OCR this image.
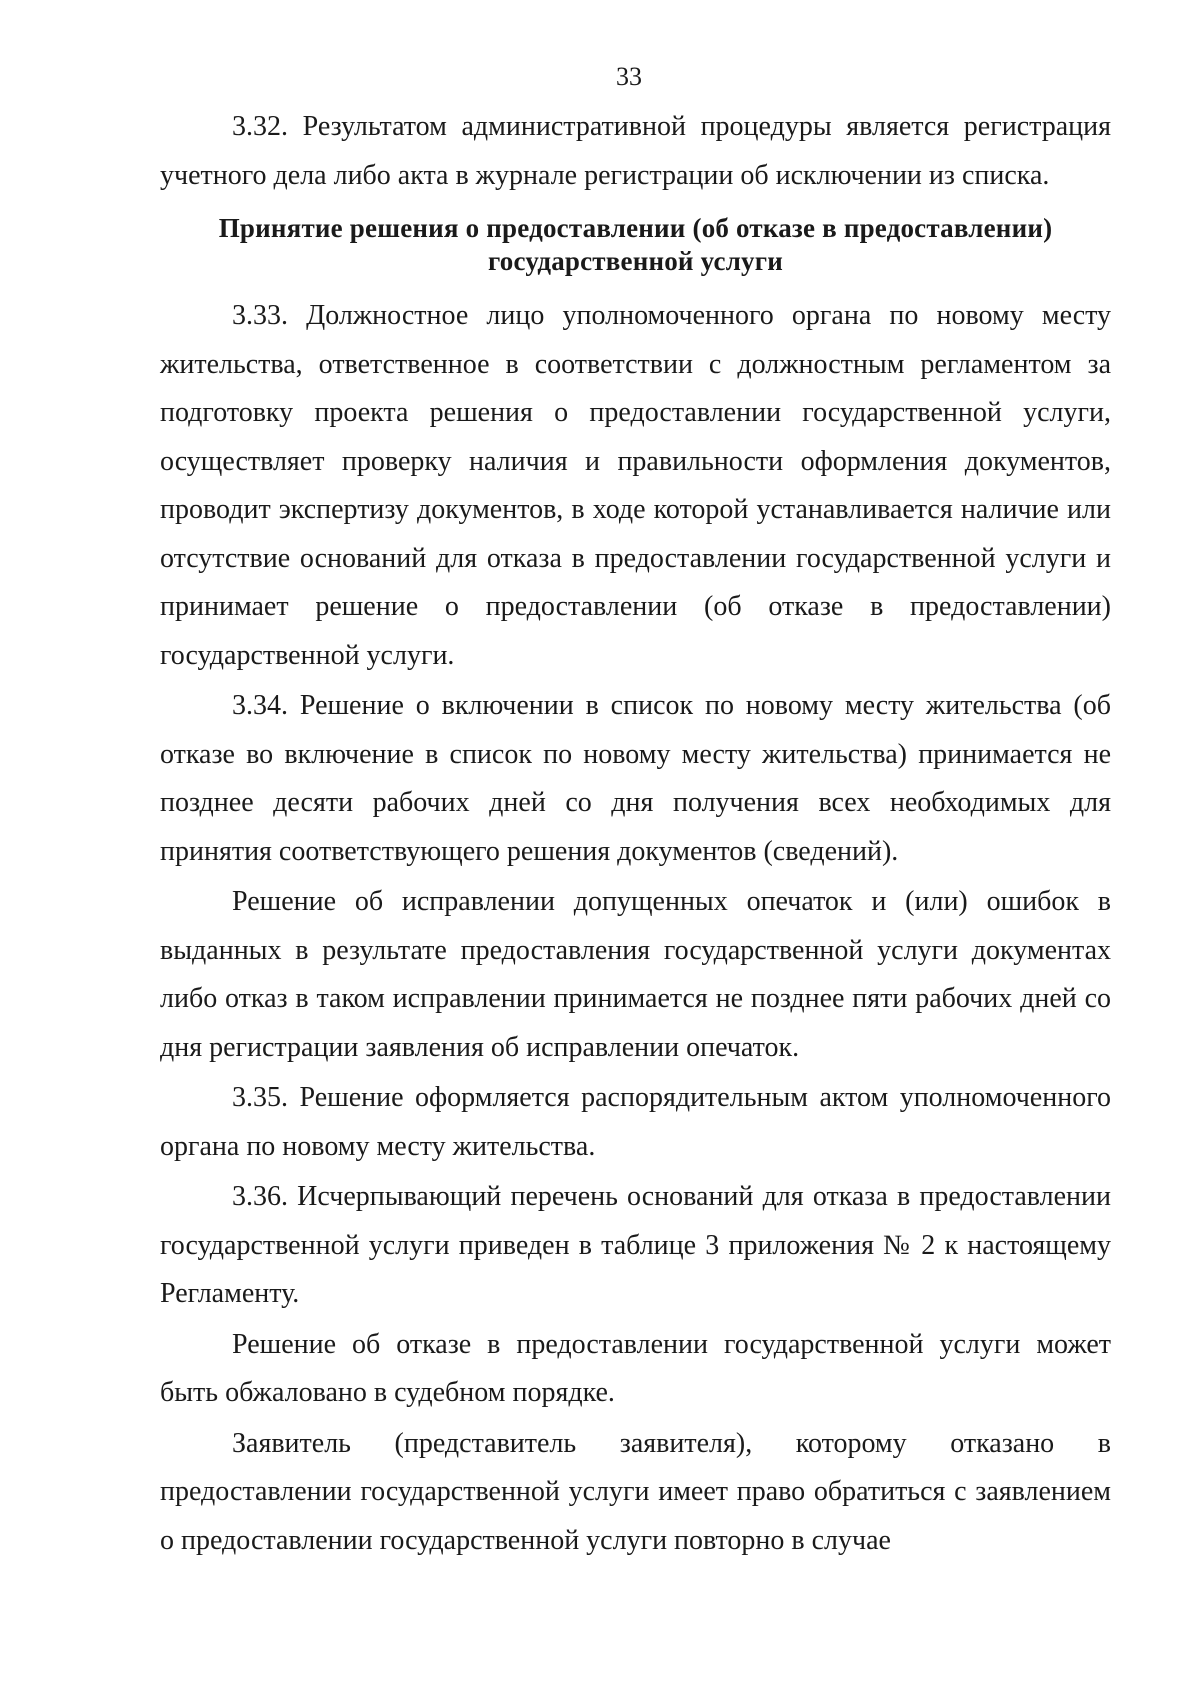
33

3.32. Результатом административной процедуры является регистрация учетного дела либо акта в журнале регистрации об исключении из списка.

Принятие решения о предоставлении (об отказе в предоставлении) государственной услуги

3.33. Должностное лицо уполномоченного органа по новому месту жительства, ответственное в соответствии с должностным регламентом за подготовку проекта решения о предоставлении государственной услуги, осуществляет проверку наличия и правильности оформления документов, проводит экспертизу документов, в ходе которой устанавливается наличие или отсутствие оснований для отказа в предоставлении государственной услуги и принимает решение о предоставлении (об отказе в предоставлении) государственной услуги.

3.34. Решение о включении в список по новому месту жительства (об отказе во включение в список по новому месту жительства) принимается не позднее десяти рабочих дней со дня получения всех необходимых для принятия соответствующего решения документов (сведений).

Решение об исправлении допущенных опечаток и (или) ошибок в выданных в результате предоставления государственной услуги документах либо отказ в таком исправлении принимается не позднее пяти рабочих дней со дня регистрации заявления об исправлении опечаток.

3.35. Решение оформляется распорядительным актом уполномоченного органа по новому месту жительства.

3.36. Исчерпывающий перечень оснований для отказа в предоставлении государственной услуги приведен в таблице 3 приложения № 2 к настоящему Регламенту.

Решение об отказе в предоставлении государственной услуги может быть обжаловано в судебном порядке.

Заявитель (представитель заявителя), которому отказано в предоставлении государственной услуги имеет право обратиться с заявлением о предоставлении государственной услуги повторно в случае
